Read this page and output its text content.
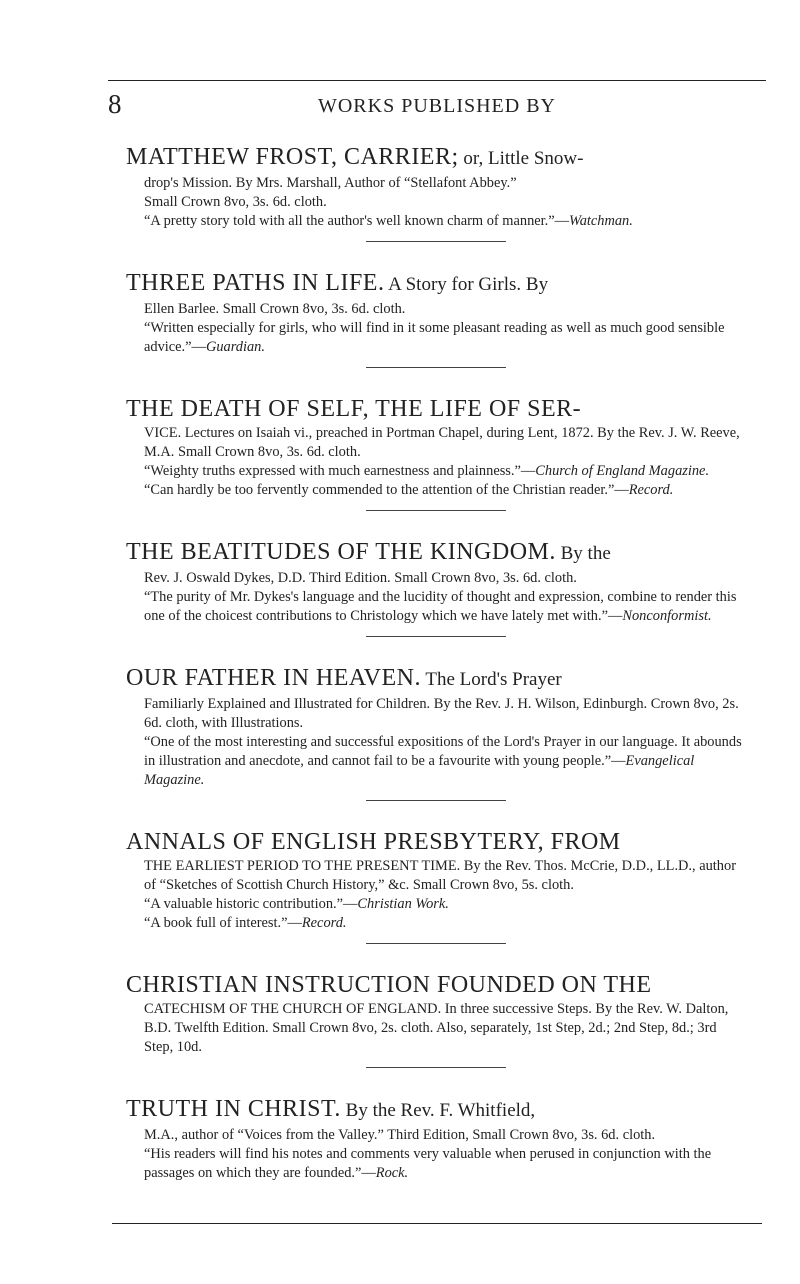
8	WORKS PUBLISHED BY
MATTHEW FROST, CARRIER; or, Little Snow-

drop's Mission. By Mrs. Marshall, Author of “Stellafont Abbey.”

Small Crown 8vo, 3s. 6d. cloth.

“A pretty story told with all the author's well known charm of manner.”—Watchman.

THREE PATHS IN LIFE. A Story for Girls. By

Ellen Barlee. Small Crown 8vo, 3s. 6d. cloth.

“Written especially for girls, who will find in it some pleasant reading as well as much good sensible advice.”—Guardian.

THE DEATH OF SELF, THE LIFE OF SER-

VICE. Lectures on Isaiah vi., preached in Portman Chapel, during Lent, 1872. By the Rev. J. W. Reeve, M.A. Small Crown 8vo, 3s. 6d. cloth.

“Weighty truths expressed with much earnestness and plainness.”—Church of England Magazine.

“Can hardly be too fervently commended to the attention of the Christian reader.”—Record.

THE BEATITUDES OF THE KINGDOM. By the

Rev. J. Oswald Dykes, D.D. Third Edition. Small Crown 8vo, 3s. 6d. cloth.

“The purity of Mr. Dykes's language and the lucidity of thought and expression, combine to render this one of the choicest contributions to Christology which we have lately met with.”—Nonconformist.

OUR FATHER IN HEAVEN. The Lord's Prayer

Familiarly Explained and Illustrated for Children. By the Rev. J. H. Wilson, Edinburgh. Crown 8vo, 2s. 6d. cloth, with Illustrations.

“One of the most interesting and successful expositions of the Lord's Prayer in our language. It abounds in illustration and anecdote, and cannot fail to be a favourite with young people.”—Evangelical Magazine.

ANNALS OF ENGLISH PRESBYTERY, FROM

THE EARLIEST PERIOD TO THE PRESENT TIME. By the Rev. Thos. McCrie, D.D., LL.D., author of “Sketches of Scottish Church History,” &c. Small Crown 8vo, 5s. cloth.

“A valuable historic contribution.”—Christian Work.

“A book full of interest.”—Record.

CHRISTIAN INSTRUCTION FOUNDED ON THE

CATECHISM OF THE CHURCH OF ENGLAND. In three successive Steps. By the Rev. W. Dalton, B.D. Twelfth Edition. Small Crown 8vo, 2s. cloth. Also, separately, 1st Step, 2d.; 2nd Step, 8d.; 3rd Step, 10d.

TRUTH IN CHRIST. By the Rev. F. Whitfield,

M.A., author of “Voices from the Valley.” Third Edition, Small Crown 8vo, 3s. 6d. cloth.

“His readers will find his notes and comments very valuable when perused in conjunction with the passages on which they are founded.”—Rock.
